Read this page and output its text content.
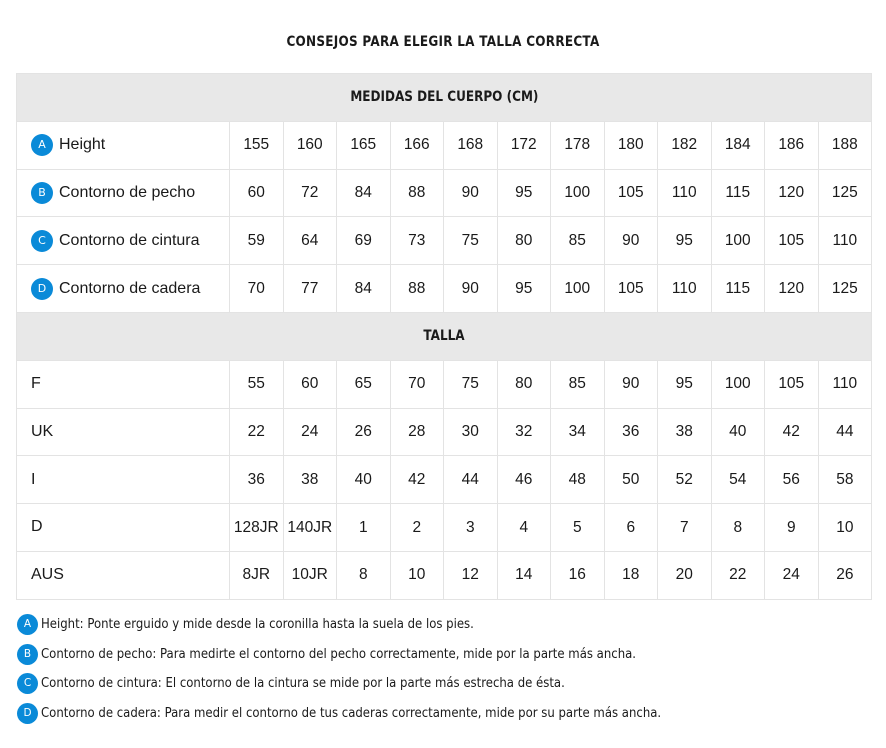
CONSEJOS PARA ELEGIR LA TALLA CORRECTA
MEDIDAS DEL CUERPO (CM)												
A Height	155	160	165	166	168	172	178	180	182	184	186	188
B Contorno de pecho	60	72	84	88	90	95	100	105	110	115	120	125
C Contorno de cintura	59	64	69	73	75	80	85	90	95	100	105	110
D Contorno de cadera	70	77	84	88	90	95	100	105	110	115	120	125
TALLA												
F	55	60	65	70	75	80	85	90	95	100	105	110
UK	22	24	26	28	30	32	34	36	38	40	42	44
I	36	38	40	42	44	46	48	50	52	54	56	58
D	128JR	140JR	1	2	3	4	5	6	7	8	9	10
AUS	8JR	10JR	8	10	12	14	16	18	20	22	24	26
A Height: Ponte erguido y mide desde la coronilla hasta la suela de los pies.
B Contorno de pecho: Para medirte el contorno del pecho correctamente, mide por la parte más ancha.
C Contorno de cintura: El contorno de la cintura se mide por la parte más estrecha de ésta.
D Contorno de cadera: Para medir el contorno de tus caderas correctamente, mide por su parte más ancha.
